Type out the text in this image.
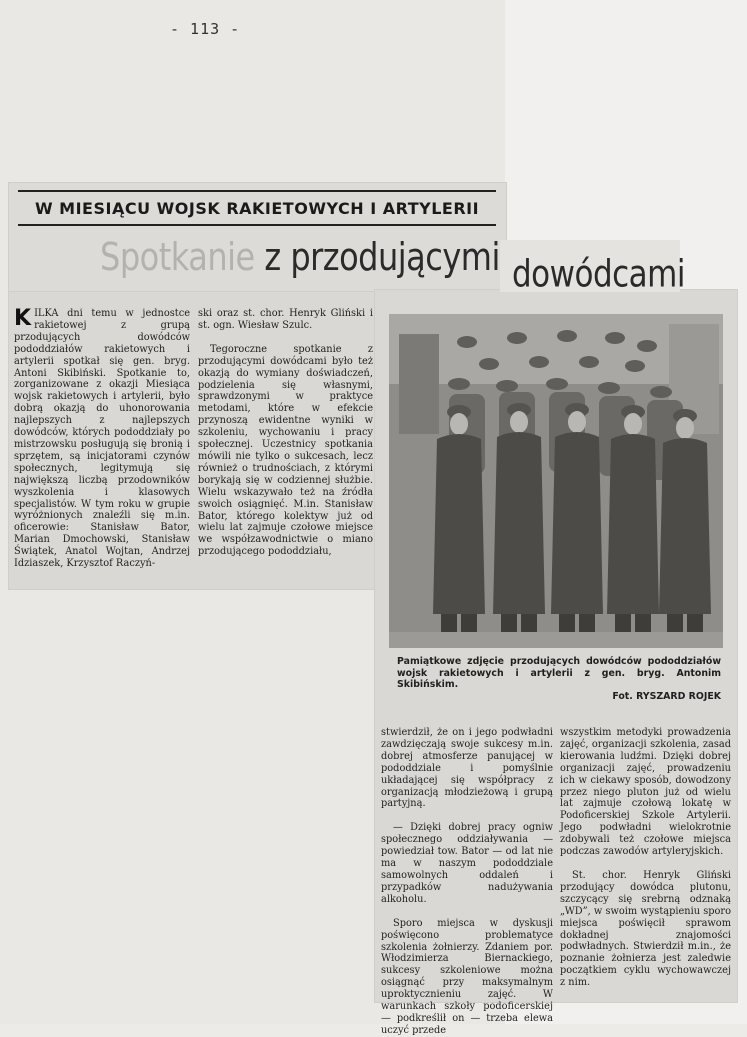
- 113 -
W MIESIĄCU WOJSK RAKIETOWYCH I ARTYLERII
Spotkanie z przodującymi dowódcami

KILKA dni temu w jednostce rakietowej z grupą przodujących dowódców pododdziałów rakietowych i artylerii spotkał się gen. bryg. Antoni Skibiński. Spotkanie to, zorganizowane z okazji Miesiąca wojsk rakietowych i artylerii, było dobrą okazją do uhonorowania najlepszych z najlepszych dowódców, których pododdziały po mistrzowsku posługują się bronią i sprzętem, są inicjatorami czynów społecznych, legitymują się największą liczbą przodowników wyszkolenia i klasowych specjalistów. W tym roku w grupie wyróżnionych znaleźli się m.in. oficerowie: Stanisław Bator, Marian Dmochowski, Stanisław Świątek, Anatol Wojtan, Andrzej Idziaszek, Krzysztof Raczyń-

ski oraz st. chor. Henryk Gliński i st. ogn. Wiesław Szulc.

Tegoroczne spotkanie z przodującymi dowódcami było też okazją do wymiany doświadczeń, podzielenia się własnymi, sprawdzonymi w praktyce metodami, które w efekcie przynoszą ewidentne wyniki w szkoleniu, wychowaniu i pracy społecznej. Uczestnicy spotkania mówili nie tylko o sukcesach, lecz również o trudnościach, z którymi borykają się w codziennej służbie. Wielu wskazywało też na źródła swoich osiągnięć. M.in. Stanisław Bator, którego kolektyw już od wielu lat zajmuje czołowe miejsce we współzawodnictwie o miano przodującego pododdziału,

Pamiątkowe zdjęcie przodujących dowódców pododdziałów wojsk rakietowych i artylerii z gen. bryg. Antonim Skibińskim.
Fot. RYSZARD ROJEK

stwierdził, że on i jego podwładni zawdzięczają swoje sukcesy m.in. dobrej atmosferze panującej w pododdziale i pomyślnie układającej się współpracy z organizacją młodzieżową i grupą partyjną.

— Dzięki dobrej pracy ogniw społecznego oddziaływania — powiedział tow. Bator — od lat nie ma w naszym pododdziale samowolnych oddaleń i przypadków nadużywania alkoholu.

Sporo miejsca w dyskusji poświęcono problematyce szkolenia żołnierzy. Zdaniem por. Włodzimierza Biernackiego, sukcesy szkoleniowe można osiągnąć przy maksymalnym uproktycznieniu zajęć. W warunkach szkoły podoficerskiej — podkreślił on — trzeba elewa uczyć przede

wszystkim metodyki prowadzenia zajęć, organizacji szkolenia, zasad kierowania ludźmi. Dzięki dobrej organizacji zajęć, prowadzeniu ich w ciekawy sposób, dowodzony przez niego pluton już od wielu lat zajmuje czołową lokatę w Podoficerskiej Szkole Artylerii. Jego podwładni wielokrotnie zdobywali też czołowe miejsca podczas zawodów artyleryjskich.

St. chor. Henryk Gliński przodujący dowódca plutonu, szczycący się srebrną odznaką „WD”, w swoim wystąpieniu sporo miejsca poświęcił sprawom dokładnej znajomości podwładnych. Stwierdził m.in., że poznanie żołnierza jest zaledwie początkiem cyklu wychowawczej z nim.
